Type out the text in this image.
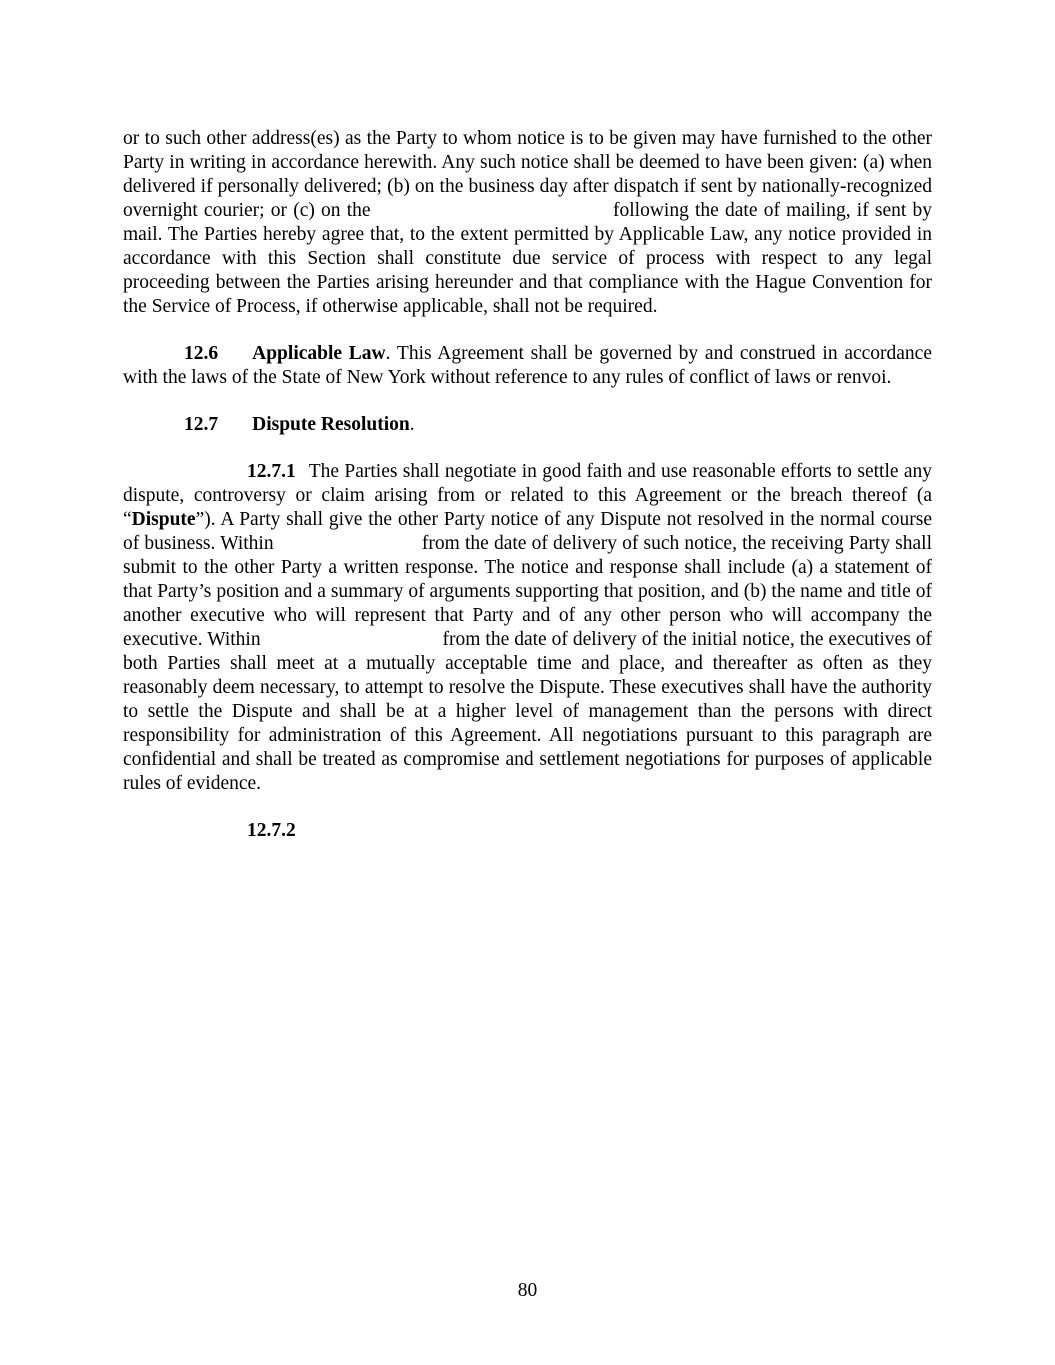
or to such other address(es) as the Party to whom notice is to be given may have furnished to the other Party in writing in accordance herewith. Any such notice shall be deemed to have been given: (a) when delivered if personally delivered; (b) on the business day after dispatch if sent by nationally-recognized overnight courier; or (c) on the	following the date of mailing, if sent by mail. The Parties hereby agree that, to the extent permitted by Applicable Law, any notice provided in accordance with this Section shall constitute due service of process with respect to any legal proceeding between the Parties arising hereunder and that compliance with the Hague Convention for the Service of Process, if otherwise applicable, shall not be required.

12.6 Applicable Law. This Agreement shall be governed by and construed in accordance with the laws of the State of New York without reference to any rules of conflict of laws or renvoi.

12.7 Dispute Resolution.

12.7.1 The Parties shall negotiate in good faith and use reasonable efforts to settle any dispute, controversy or claim arising from or related to this Agreement or the breach thereof (a “Dispute”). A Party shall give the other Party notice of any Dispute not resolved in the normal course of business. Within	from the date of delivery of such notice, the receiving Party shall submit to the other Party a written response. The notice and response shall include (a) a statement of that Party’s position and a summary of arguments supporting that position, and (b) the name and title of another executive who will represent that Party and of any other person who will accompany the executive. Within	from the date of delivery of the initial notice, the executives of both Parties shall meet at a mutually acceptable time and place, and thereafter as often as they reasonably deem necessary, to attempt to resolve the Dispute. These executives shall have the authority to settle the Dispute and shall be at a higher level of management than the persons with direct responsibility for administration of this Agreement. All negotiations pursuant to this paragraph are confidential and shall be treated as compromise and settlement negotiations for purposes of applicable rules of evidence.

12.7.2

80
